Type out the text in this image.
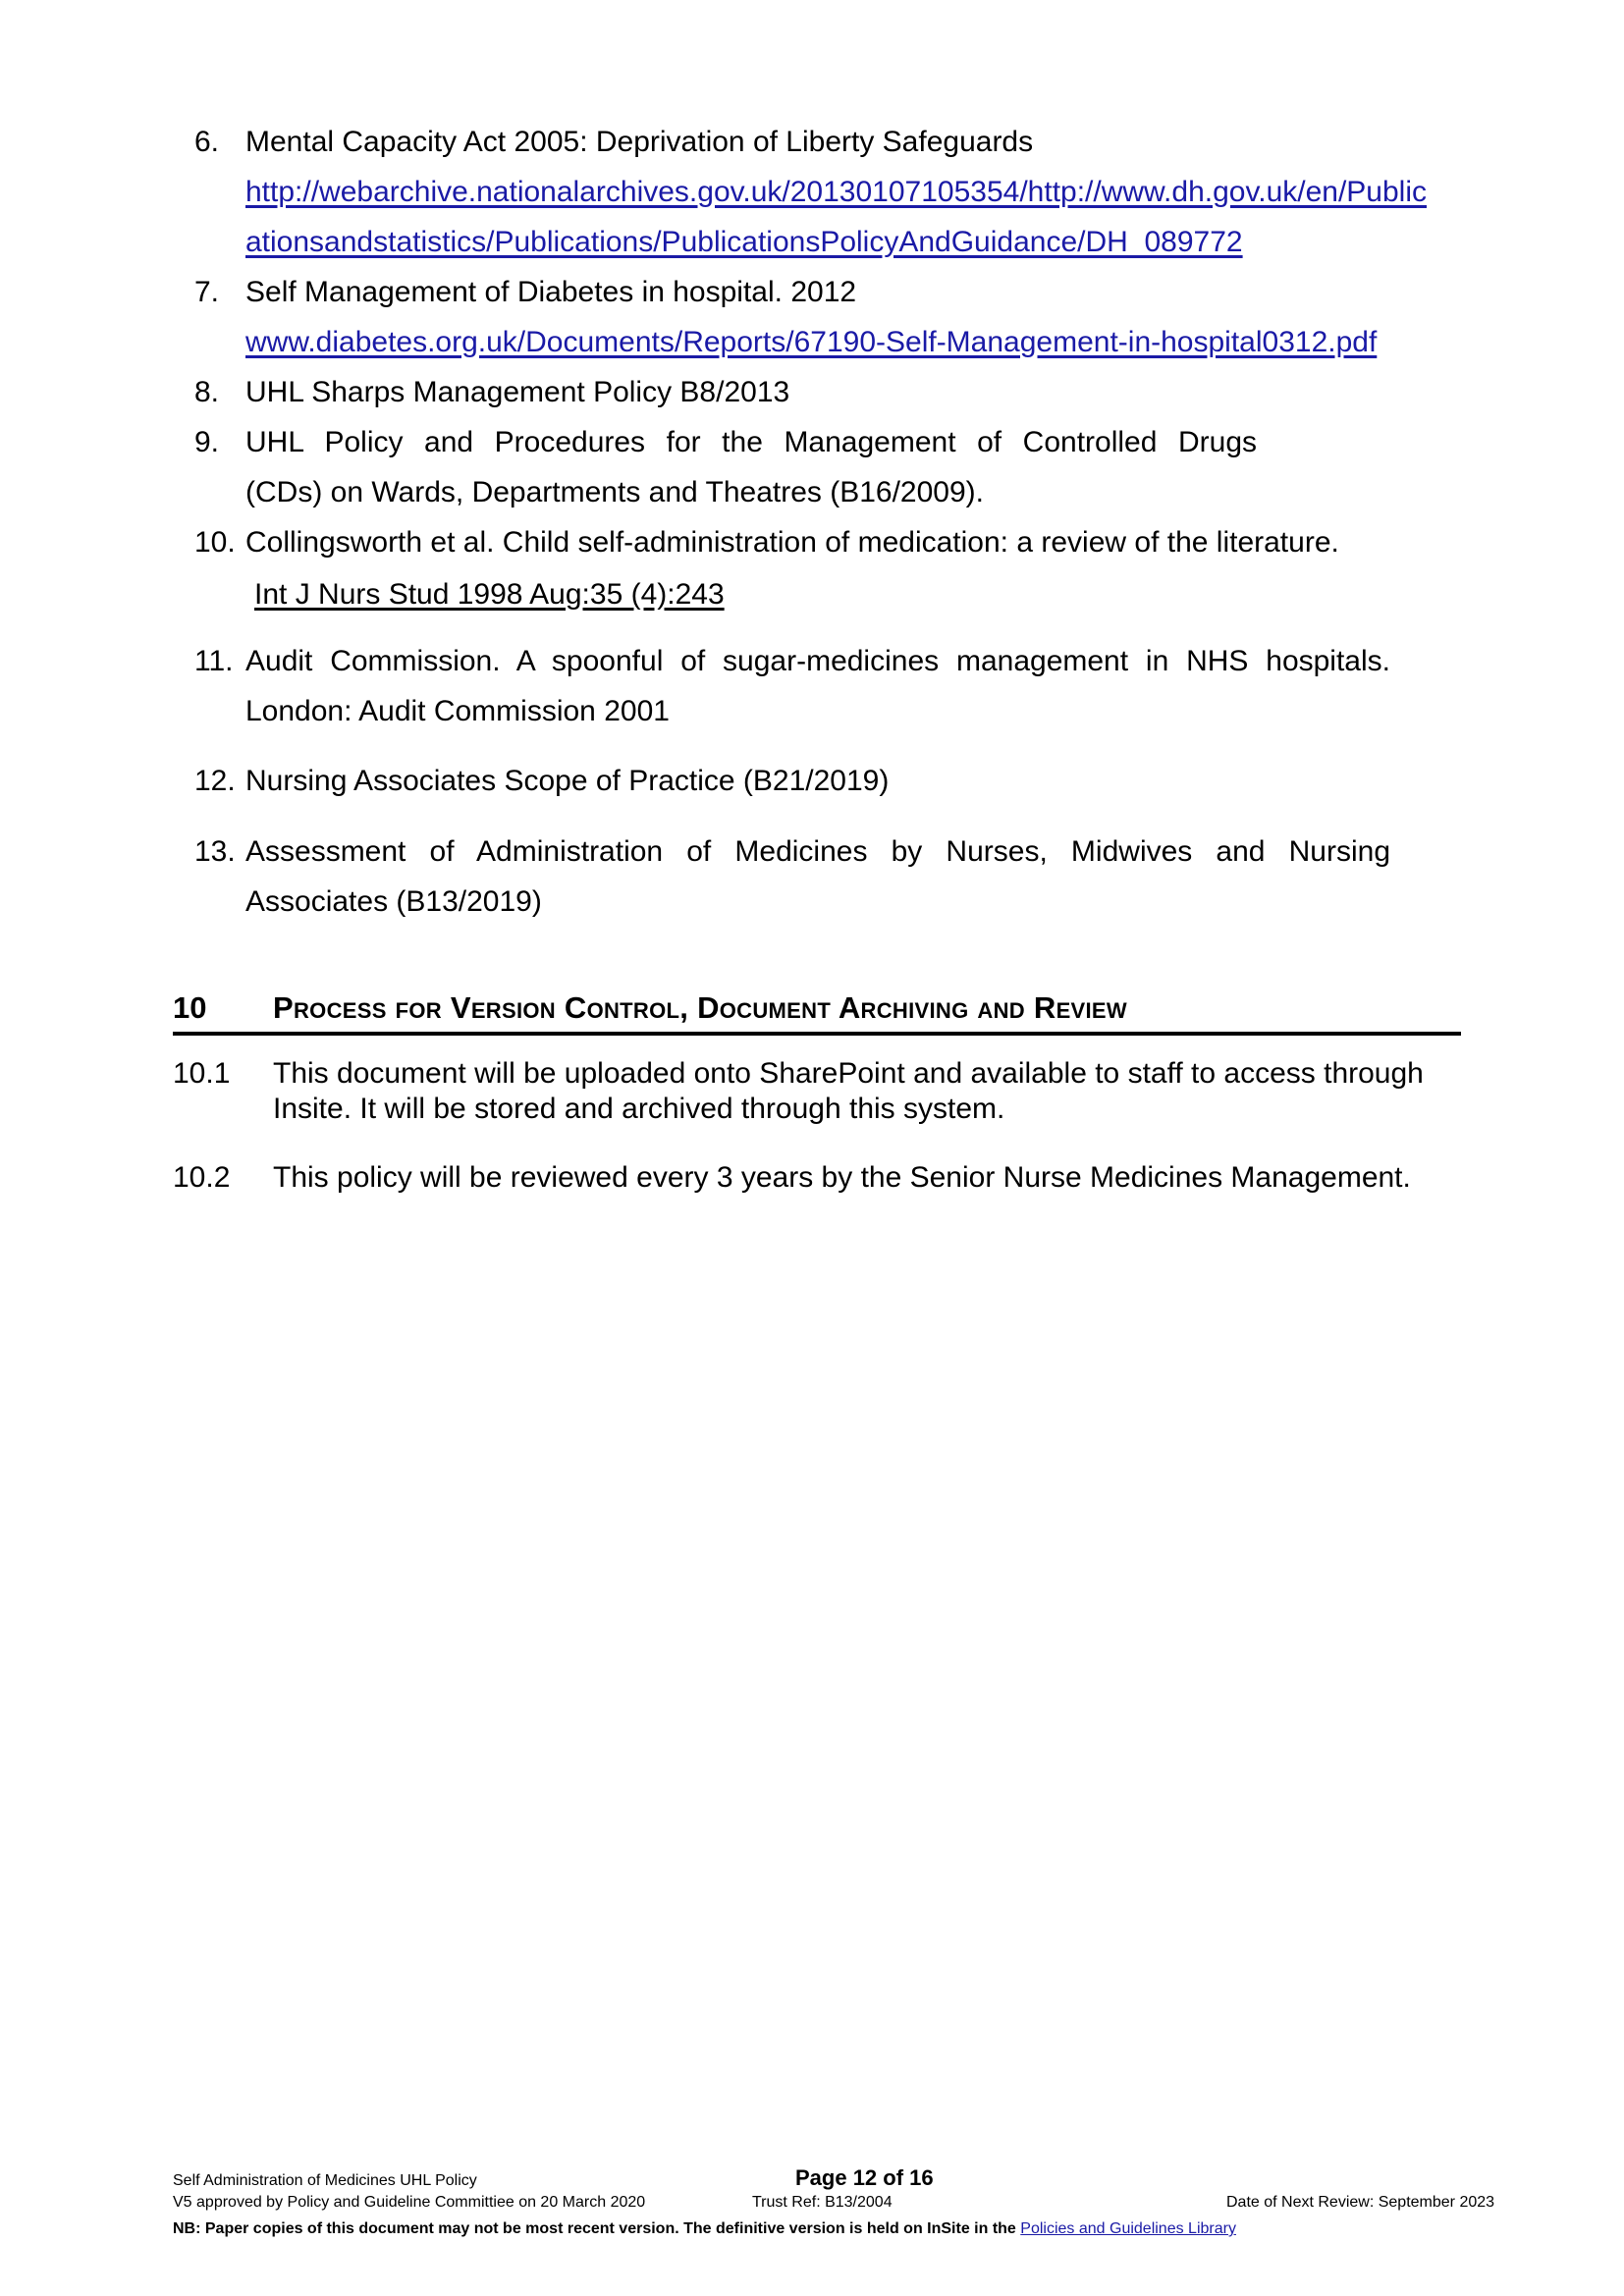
6. Mental Capacity Act 2005: Deprivation of Liberty Safeguards
http://webarchive.nationalarchives.gov.uk/20130107105354/http://www.dh.gov.uk/en/Public
ationsandstatistics/Publications/PublicationsPolicyAndGuidance/DH_089772
7. Self Management of Diabetes in hospital. 2012
www.diabetes.org.uk/Documents/Reports/67190-Self-Management-in-hospital0312.pdf
8. UHL Sharps Management Policy B8/2013
9. UHL Policy and Procedures for the Management of Controlled Drugs
(CDs) on Wards, Departments and Theatres (B16/2009).
10. Collingsworth et al. Child self-administration of medication: a review of the literature.
Int J Nurs Stud 1998 Aug:35 (4):243
11. Audit Commission. A spoonful of sugar-medicines management in NHS hospitals.
London: Audit Commission 2001
12. Nursing Associates Scope of Practice (B21/2019)
13. Assessment of Administration of Medicines by Nurses, Midwives and Nursing
Associates (B13/2019)
10 Process for Version Control, Document Archiving and Review
10.1 This document will be uploaded onto SharePoint and available to staff to access through Insite. It will be stored and archived through this system.
10.2 This policy will be reviewed every 3 years by the Senior Nurse Medicines Management.
Self Administration of Medicines UHL Policy	Page 12 of 16
V5 approved by Policy and Guideline Committiee on 20 March 2020	Trust Ref: B13/2004	Date of Next Review: September 2023
NB: Paper copies of this document may not be most recent version. The definitive version is held on InSite in the Policies and Guidelines Library
